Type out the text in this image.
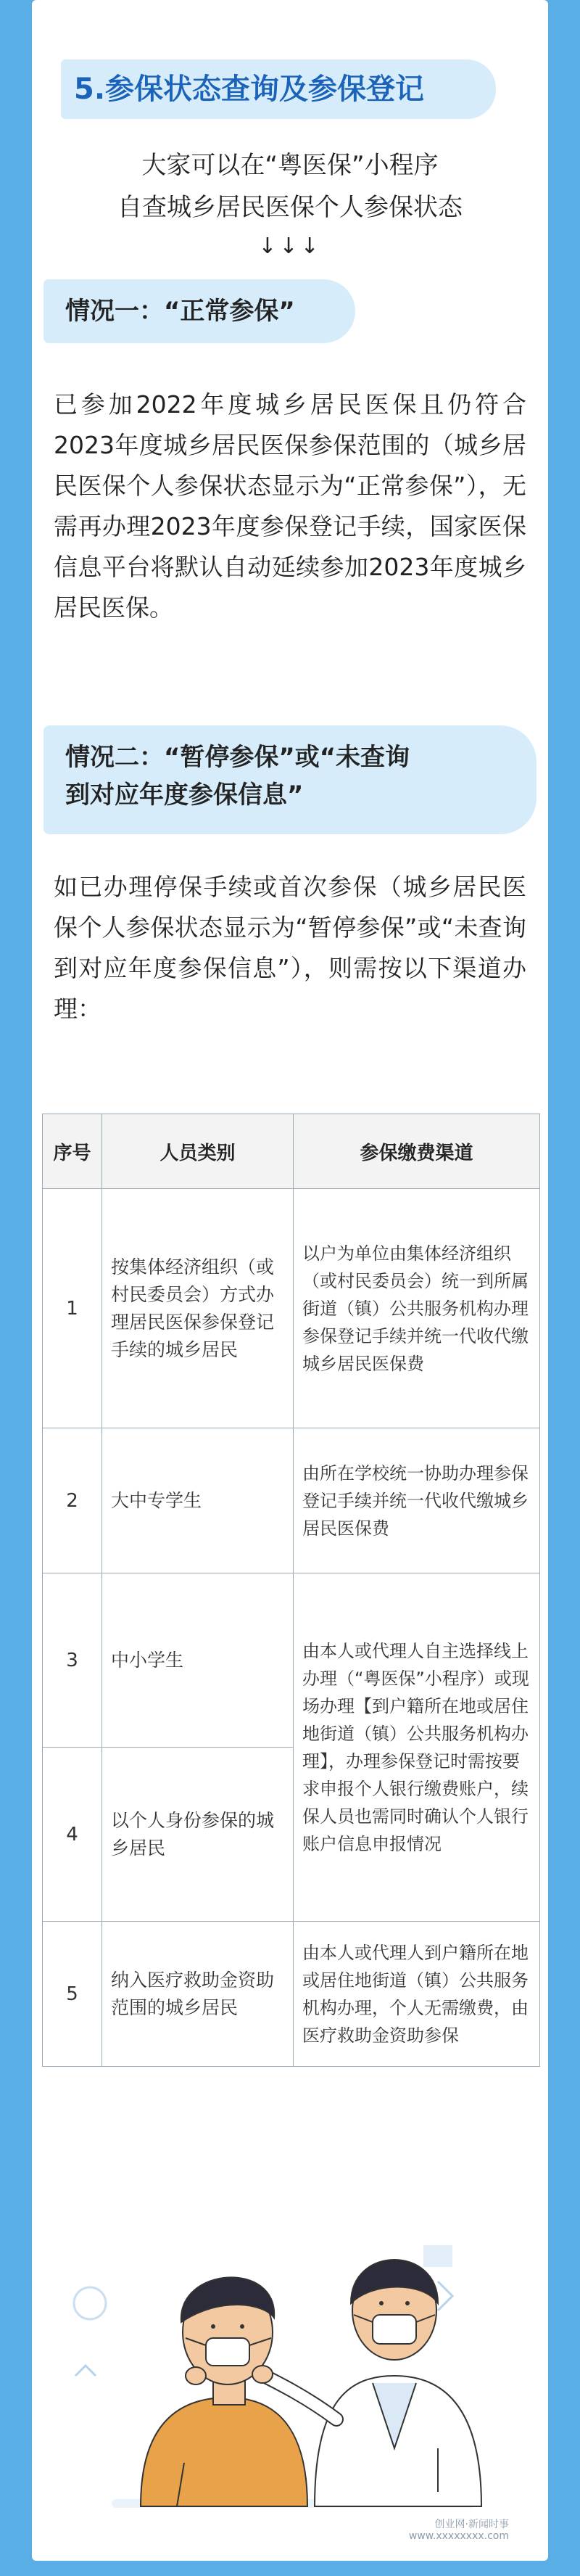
5.参保状态查询及参保登记
大家可以在“粤医保”小程序
自查城乡居民医保个人参保状态
↓↓↓
情况一：“正常参保”

已参加2022年度城乡居民医保且仍符合2023年度城乡居民医保参保范围的（城乡居民医保个人参保状态显示为“正常参保”），无需再办理2023年度参保登记手续，国家医保信息平台将默认自动延续参加2023年度城乡居民医保。

情况二：“暂停参保”或“未查询
到对应年度参保信息”

如已办理停保手续或首次参保（城乡居民医保个人参保状态显示为“暂停参保”或“未查询到对应年度参保信息”），则需按以下渠道办理：

序号	人员类别	参保缴费渠道
1	按集体经济组织（或村民委员会）方式办理居民医保参保登记手续的城乡居民	以户为单位由集体经济组织（或村民委员会）统一到所属街道（镇）公共服务机构办理参保登记手续并统一代收代缴城乡居民医保费
2	大中专学生	由所在学校统一协助办理参保登记手续并统一代收代缴城乡居民医保费
3	中小学生	由本人或代理人自主选择线上办理（“粤医保”小程序）或现场办理【到户籍所在地或居住地街道（镇）公共服务机构办理】，办理参保登记时需按要求申报个人银行缴费账户，续保人员也需同时确认个人银行账户信息申报情况
4	以个人身份参保的城乡居民	
5	纳入医疗救助金资助范围的城乡居民	由本人或代理人到户籍所在地或居住地街道（镇）公共服务机构办理，个人无需缴费，由医疗救助金资助参保
创业网·新闻时事
www.xxxxxxxx.com
